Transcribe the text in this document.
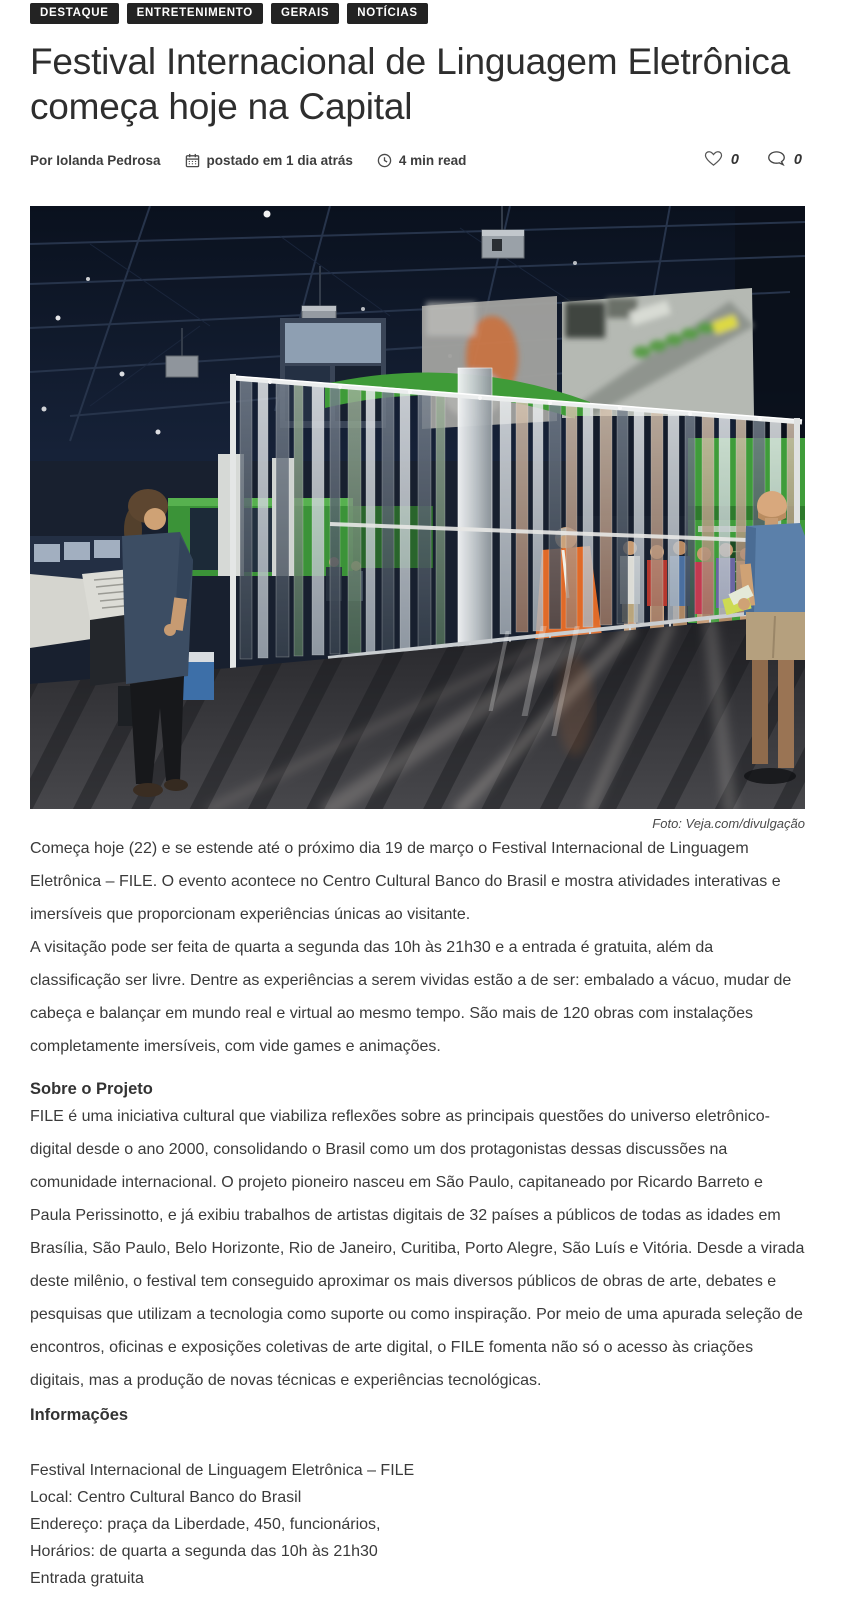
DESTAQUE	ENTRETENIMENTO	GERAIS	NOTÍCIAS
Festival Internacional de Linguagem Eletrônica começa hoje na Capital
Por Iolanda Pedrosa	postado em 1 dia atrás	4 min read	0	0
Foto: Veja.com/divulgação

Começa hoje (22) e se estende até o próximo dia 19 de março o Festival Internacional de Linguagem Eletrônica – FILE. O evento acontece no Centro Cultural Banco do Brasil e mostra atividades interativas e imersíveis que proporcionam experiências únicas ao visitante.

A visitação pode ser feita de quarta a segunda das 10h às 21h30 e a entrada é gratuita, além da classificação ser livre. Dentre as experiências a serem vividas estão a de ser: embalado a vácuo, mudar de cabeça e balançar em mundo real e virtual ao mesmo tempo. São mais de 120 obras com instalações completamente imersíveis, com vide games e animações.

Sobre o Projeto

FILE é uma iniciativa cultural que viabiliza reflexões sobre as principais questões do universo eletrônico-digital desde o ano 2000, consolidando o Brasil como um dos protagonistas dessas discussões na comunidade internacional. O projeto pioneiro nasceu em São Paulo, capitaneado por Ricardo Barreto e Paula Perissinotto, e já exibiu trabalhos de artistas digitais de 32 países a públicos de todas as idades em Brasília, São Paulo, Belo Horizonte, Rio de Janeiro, Curitiba, Porto Alegre, São Luís e Vitória. Desde a virada deste milênio, o festival tem conseguido aproximar os mais diversos públicos de obras de arte, debates e pesquisas que utilizam a tecnologia como suporte ou como inspiração. Por meio de uma apurada seleção de encontros, oficinas e exposições coletivas de arte digital, o FILE fomenta não só o acesso às criações digitais, mas a produção de novas técnicas e experiências tecnológicas.

Informações
Festival Internacional de Linguagem Eletrônica – FILE
Local: Centro Cultural Banco do Brasil
Endereço: praça da Liberdade, 450, funcionários,
Horários: de quarta a segunda das 10h às 21h30
Entrada gratuita
